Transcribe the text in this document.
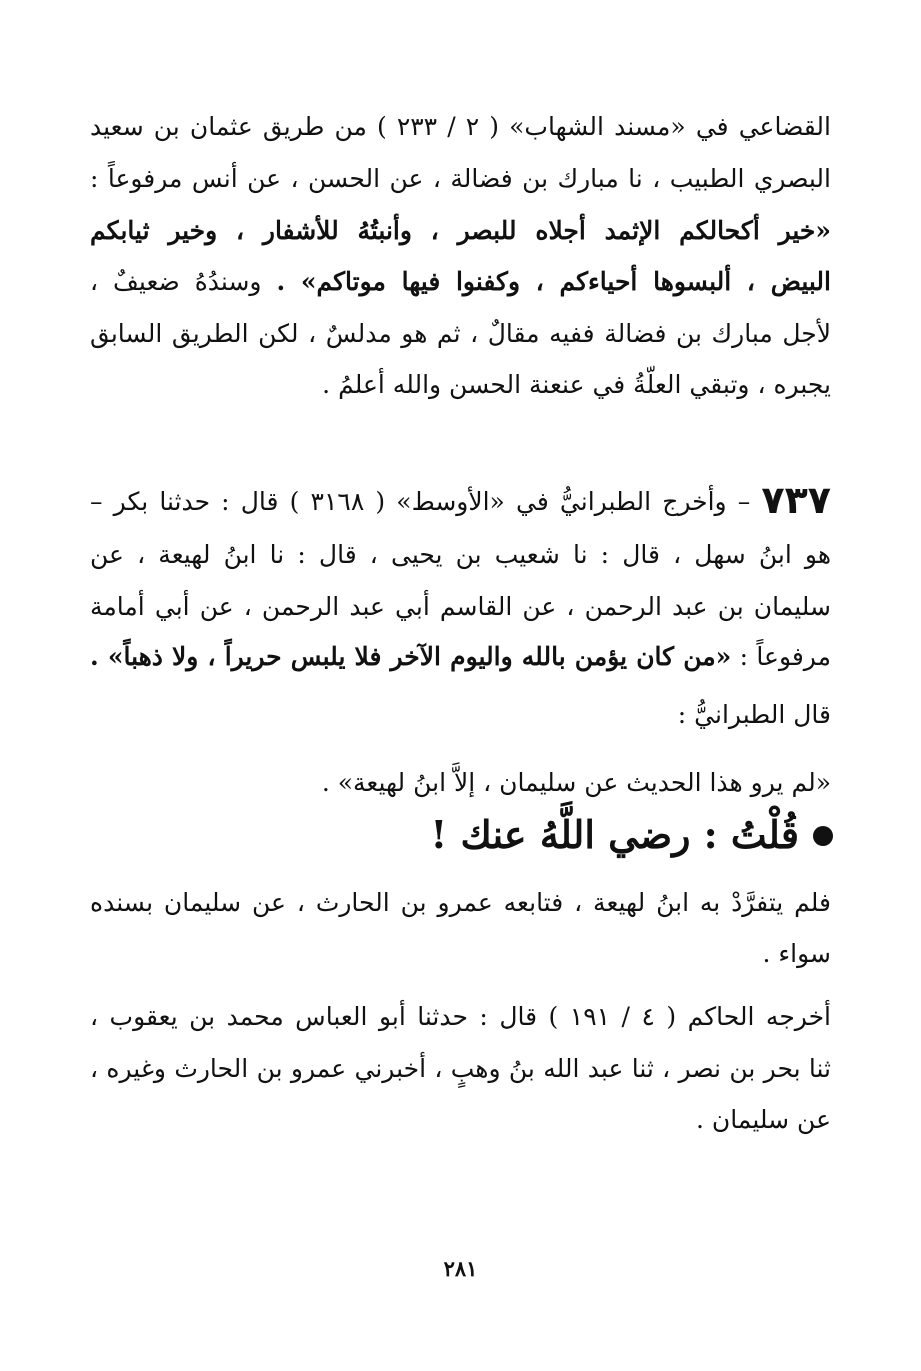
القضاعي في «مسند الشهاب» ( ٢ / ٢٣٣ ) من طريق عثمان بن سعيد
البصري الطبيب ، نا مبارك بن فضالة ، عن الحسن ، عن أنس مرفوعاً :
«خير أكحالكم الإثمد أجلاه للبصر ، وأنبتُهُ للأشفار ، وخير ثيابكم
البيض ، ألبسوها أحياءكم ، وكفنوا فيها موتاكم» . وسندُهُ ضعيفٌ ،
لأجل مبارك بن فضالة ففيه مقالٌ ، ثم هو مدلسٌ ، لكن الطريق السابق
يجبره ، وتبقي العلّةُ في عنعنة الحسن والله أعلمُ .
٧٣٧ – وأخرج الطبرانيُّ في «الأوسط» ( ٣١٦٨ ) قال : حدثنا بكر –
هو ابنُ سهل ، قال : نا شعيب بن يحيى ، قال : نا ابنُ لهيعة ، عن
سليمان بن عبد الرحمن ، عن القاسم أبي عبد الرحمن ، عن أبي أمامة
مرفوعاً : «من كان يؤمن بالله واليوم الآخر فلا يلبس حريراً ، ولا ذهباً» .
قال الطبرانيُّ :
«لم يرو هذا الحديث عن سليمان ، إلاَّ ابنُ لهيعة» .
قُلْتُ : رضي اللَّهُ عنك !
فلم يتفرَّدْ به ابنُ لهيعة ، فتابعه عمرو بن الحارث ، عن سليمان بسنده
سواء .
أخرجه الحاكم ( ٤ / ١٩١ ) قال : حدثنا أبو العباس محمد بن يعقوب ،
ثنا بحر بن نصر ، ثنا عبد الله بنُ وهبٍ ، أخبرني عمرو بن الحارث وغيره ،
عن سليمان .
٢٨١
